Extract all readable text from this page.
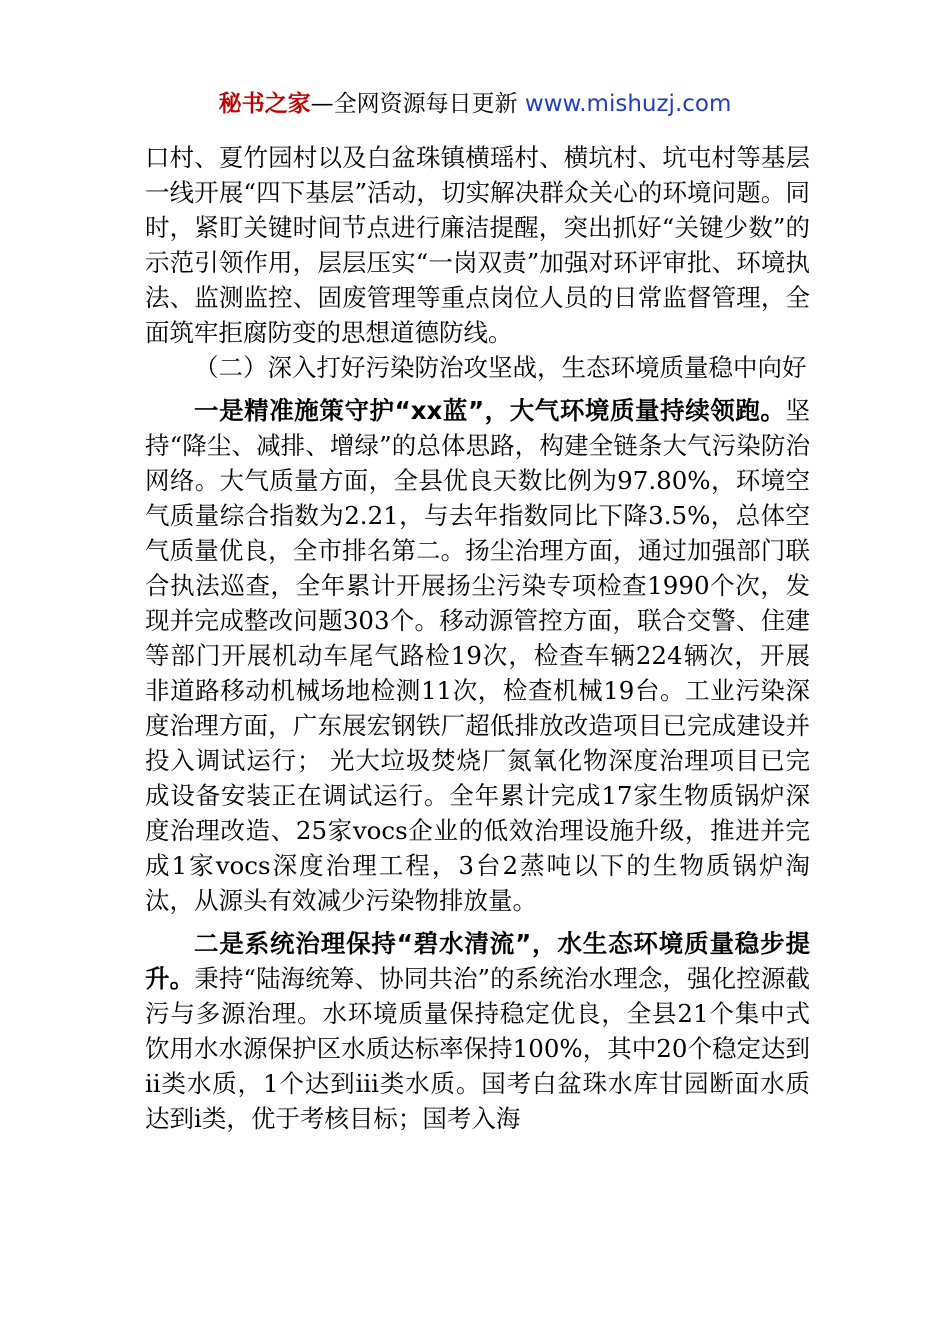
秘书之家—全网资源每日更新 www.mishuzj.com

口村、夏竹园村以及白盆珠镇横瑶村、横坑村、坑屯村等基层一线开展“四下基层”活动，切实解决群众关心的环境问题。同时，紧盯关键时间节点进行廉洁提醒，突出抓好“关键少数”的示范引领作用，层层压实“一岗双责”加强对环评审批、环境执法、监测监控、固废管理等重点岗位人员的日常监督管理，全面筑牢拒腐防变的思想道德防线。

（二）深入打好污染防治攻坚战，生态环境质量稳中向好

一是精准施策守护“xx蓝”，大气环境质量持续领跑。坚持“降尘、减排、增绿”的总体思路，构建全链条大气污染防治网络。大气质量方面，全县优良天数比例为97.80%，环境空气质量综合指数为2.21，与去年指数同比下降3.5%，总体空气质量优良，全市排名第二。扬尘治理方面，通过加强部门联合执法巡查，全年累计开展扬尘污染专项检查1990个次，发现并完成整改问题303个。移动源管控方面，联合交警、住建等部门开展机动车尾气路检19次，检查车辆224辆次，开展非道路移动机械场地检测11次，检查机械19台。工业污染深度治理方面，广东展宏钢铁厂超低排放改造项目已完成建设并投入调试运行； 光大垃圾焚烧厂氮氧化物深度治理项目已完成设备安装正在调试运行。全年累计完成17家生物质锅炉深度治理改造、25家vocs企业的低效治理设施升级，推进并完成1家vocs深度治理工程，3台2蒸吨以下的生物质锅炉淘汰，从源头有效减少污染物排放量。

二是系统治理保持“碧水清流”，水生态环境质量稳步提升。秉持“陆海统筹、协同共治”的系统治水理念，强化控源截污与多源治理。水环境质量保持稳定优良，全县21个集中式饮用水水源保护区水质达标率保持100%，其中20个稳定达到ⅱ类水质，1个达到ⅲ类水质。国考白盆珠水库甘园断面水质达到ⅰ类，优于考核目标；国考入海
